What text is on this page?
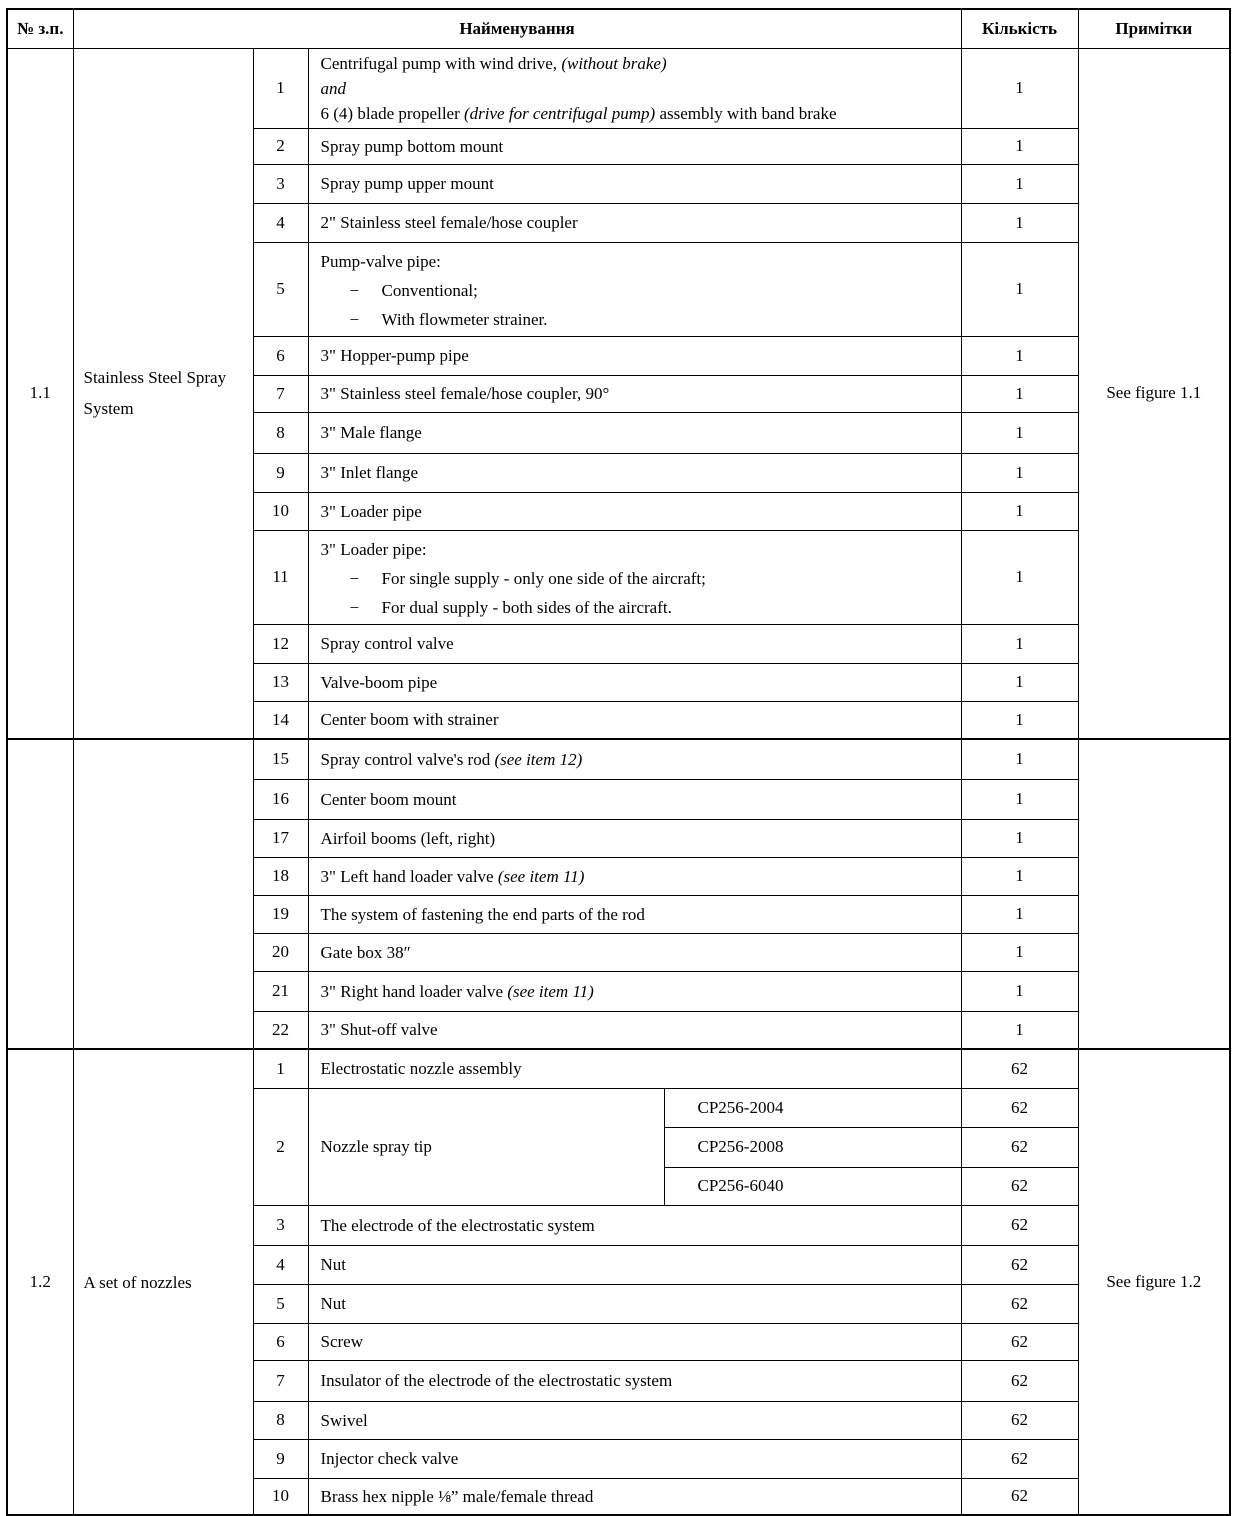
№ з.п.	Найменування				Кількість	Примітки
1.1	Stainless Steel Spray System	1	Centrifugal pump with wind drive, (without brake)
and
6 (4) blade propeller (drive for centrifugal pump) assembly with band brake		1	See figure 1.1
		2	Spray pump bottom mount		1	
		3	Spray pump upper mount		1	
		4	2" Stainless steel female/hose coupler		1	
		5	Pump-valve pipe:
− Conventional;
− With flowmeter strainer.		1	
		6	3" Hopper-pump pipe		1	
		7	3" Stainless steel female/hose coupler, 90°		1	
		8	3" Male flange		1	
		9	3" Inlet flange		1	
		10	3" Loader pipe		1	
		11	3" Loader pipe:
− For single supply - only one side of the aircraft;
− For dual supply - both sides of the aircraft.		1	
		12	Spray control valve		1	
		13	Valve-boom pipe		1	
		14	Center boom with strainer		1	
		15	Spray control valve's rod (see item 12)		1	
		16	Center boom mount		1	
		17	Airfoil booms (left, right)		1	
		18	3" Left hand loader valve (see item 11)		1	
		19	The system of fastening the end parts of the rod		1	
		20	Gate box 38″		1	
		21	3" Right hand loader valve (see item 11)		1	
		22	3" Shut-off valve		1	
1.2	A set of nozzles	1	Electrostatic nozzle assembly		62	See figure 1.2
		2	Nozzle spray tip	CP256-2004	62	
				CP256-2008	62	
				CP256-6040	62	
		3	The electrode of the electrostatic system		62	
		4	Nut		62	
		5	Nut		62	
		6	Screw		62	
		7	Insulator of the electrode of the electrostatic system		62	
		8	Swivel		62	
		9	Injector check valve		62	
		10	Brass hex nipple ⅛” male/female thread		62	
